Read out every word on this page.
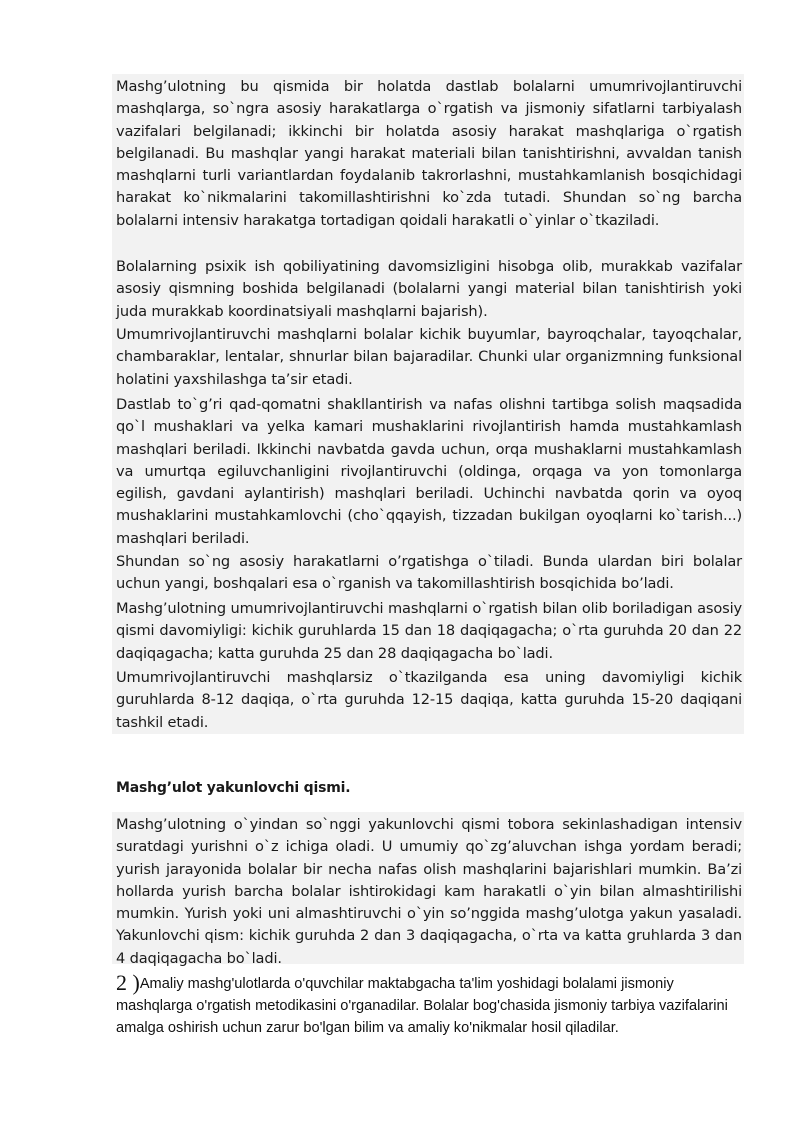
Mashg’ulotning bu qismida bir holatda dastlab bolalarni umumrivojlantiruvchi mashqlarga, so`ngra asosiy harakatlarga o`rgatish va jismoniy sifatlarni tarbiyalash vazifalari belgilanadi; ikkinchi bir holatda asosiy harakat mashqlariga o`rgatish belgilanadi. Bu mashqlar yangi harakat materiali bilan tanishtirishni, avvaldan tanish mashqlarni turli variantlardan foydalanib takrorlashni, mustahkamlanish bosqichidagi harakat ko`nikmalarini takomillashtirishni ko`zda tutadi. Shundan so`ng barcha bolalarni intensiv harakatga tortadigan qoidali harakatli o`yinlar o`tkaziladi.

Bolalarning psixik ish qobiliyatining davomsizligini hisobga olib, murakkab vazifalar asosiy qismning boshida belgilanadi (bolalarni yangi material bilan tanishtirish yoki juda murakkab koordinatsiyali mashqlarni bajarish).

Umumrivojlantiruvchi mashqlarni bolalar kichik buyumlar, bayroqchalar, tayoqchalar, chambaraklar, lentalar, shnurlar bilan bajaradilar. Chunki ular organizmning funksional holatini yaxshilashga ta’sir etadi.

Dastlab to`g’ri qad-qomatni shakllantirish va nafas olishni tartibga solish maqsadida qo`l mushaklari va yelka kamari mushaklarini rivojlantirish hamda mustahkamlash mashqlari beriladi. Ikkinchi navbatda gavda uchun, orqa mushaklarni mustahkamlash va umurtqa egiluvchanligini rivojlantiruvchi (oldinga, orqaga va yon tomonlarga egilish, gavdani aylantirish) mashqlari beriladi. Uchinchi navbatda qorin va oyoq mushaklarini mustahkamlovchi (cho`qqayish, tizzadan bukilgan oyoqlarni ko`tarish...) mashqlari beriladi.

Shundan so`ng asosiy harakatlarni o’rgatishga o`tiladi. Bunda ulardan biri bolalar uchun yangi, boshqalari esa o`rganish va takomillashtirish bosqichida bo’ladi.

Mashg’ulotning umumrivojlantiruvchi mashqlarni o`rgatish bilan olib boriladigan asosiy qismi davomiyligi: kichik guruhlarda 15 dan 18 daqiqagacha; o`rta guruhda 20 dan 22 daqiqagacha; katta guruhda 25 dan 28 daqiqagacha bo`ladi.

Umumrivojlantiruvchi mashqlarsiz o`tkazilganda esa uning davomiyligi kichik guruhlarda 8-12 daqiqa, o`rta guruhda 12-15 daqiqa, katta guruhda 15-20 daqiqani tashkil etadi.

Mashg’ulot yakunlovchi qismi.

Mashg’ulotning o`yindan so`nggi yakunlovchi qismi tobora sekinlashadigan intensiv suratdagi yurishni o`z ichiga oladi. U umumiy qo`zg’aluvchan ishga yordam beradi; yurish jarayonida bolalar bir necha nafas olish mashqlarini bajarishlari mumkin. Ba’zi hollarda yurish barcha bolalar ishtirokidagi kam harakatli o`yin bilan almashtirilishi mumkin. Yurish yoki uni almashtiruvchi o`yin so’nggida mashg’ulotga yakun yasaladi. Yakunlovchi qism: kichik guruhda 2 dan 3 daqiqagacha, o`rta va katta gruhlarda 3 dan 4 daqiqagacha bo`ladi.

2 )Amaliy mashg'ulotlarda o'quvchilar maktabgacha ta'lim yoshidagi bolalami jismoniy mashqlarga o'rgatish metodikasini o'rganadilar. Bolalar bog'chasida jismoniy tarbiya vazifalarini amalga oshirish uchun zarur bo'lgan bilim va amaliy ko'nikmalar hosil qiladilar.
